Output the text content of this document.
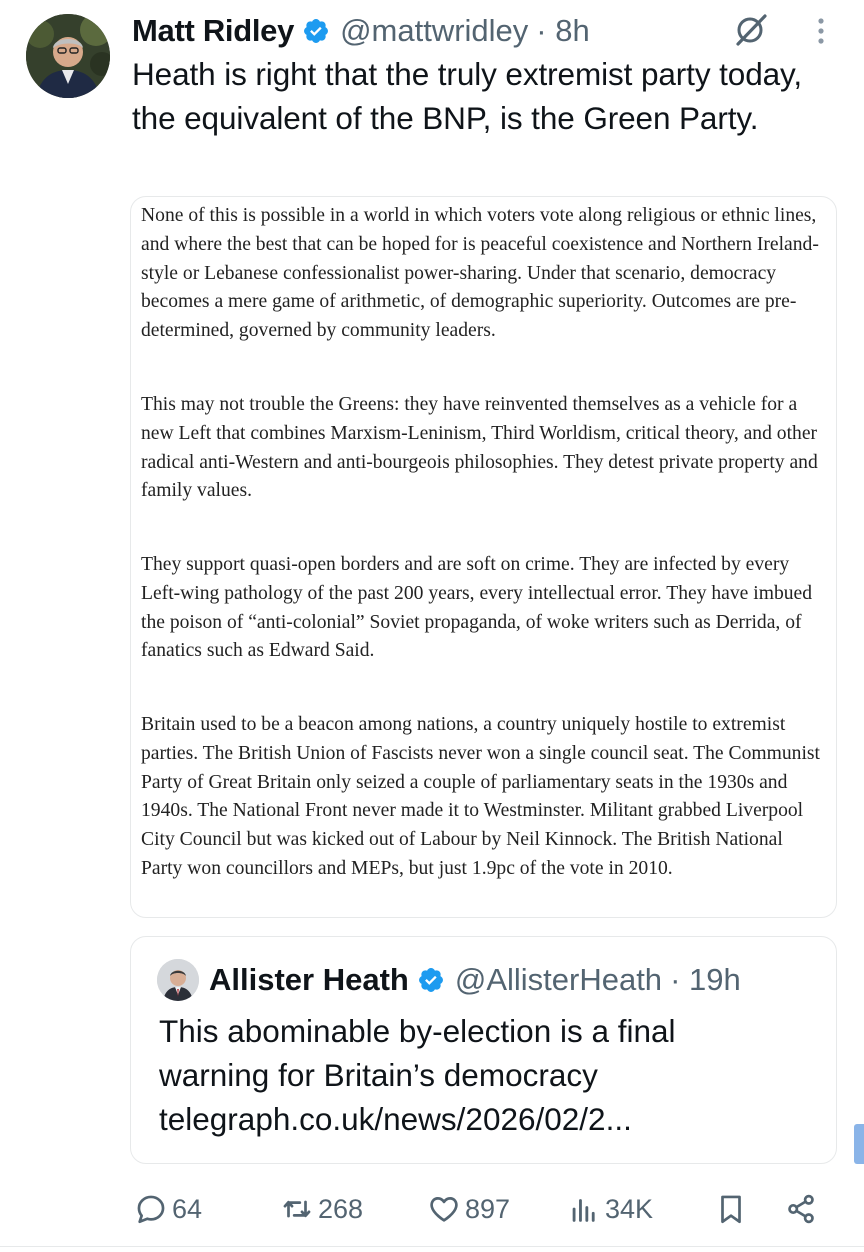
Matt Ridley @mattwridley · 8h

Heath is right that the truly extremist party today, the equivalent of the BNP, is the Green Party.

None of this is possible in a world in which voters vote along religious or ethnic lines, and where the best that can be hoped for is peaceful coexistence and Northern Ireland-style or Lebanese confessionalist power-sharing. Under that scenario, democracy becomes a mere game of arithmetic, of demographic superiority. Outcomes are pre-determined, governed by community leaders.

This may not trouble the Greens: they have reinvented themselves as a vehicle for a new Left that combines Marxism-Leninism, Third Worldism, critical theory, and other radical anti-Western and anti-bourgeois philosophies. They detest private property and family values.

They support quasi-open borders and are soft on crime. They are infected by every Left-wing pathology of the past 200 years, every intellectual error. They have imbued the poison of “anti-colonial” Soviet propaganda, of woke writers such as Derrida, of fanatics such as Edward Said.

Britain used to be a beacon among nations, a country uniquely hostile to extremist parties. The British Union of Fascists never won a single council seat. The Communist Party of Great Britain only seized a couple of parliamentary seats in the 1930s and 1940s. The National Front never made it to Westminster. Militant grabbed Liverpool City Council but was kicked out of Labour by Neil Kinnock. The British National Party won councillors and MEPs, but just 1.9pc of the vote in 2010.

Allister Heath @AllisterHeath · 19h
This abominable by-election is a final
warning for Britain’s democracy
telegraph.co.uk/news/2026/02/2...
64	268	897	34K
